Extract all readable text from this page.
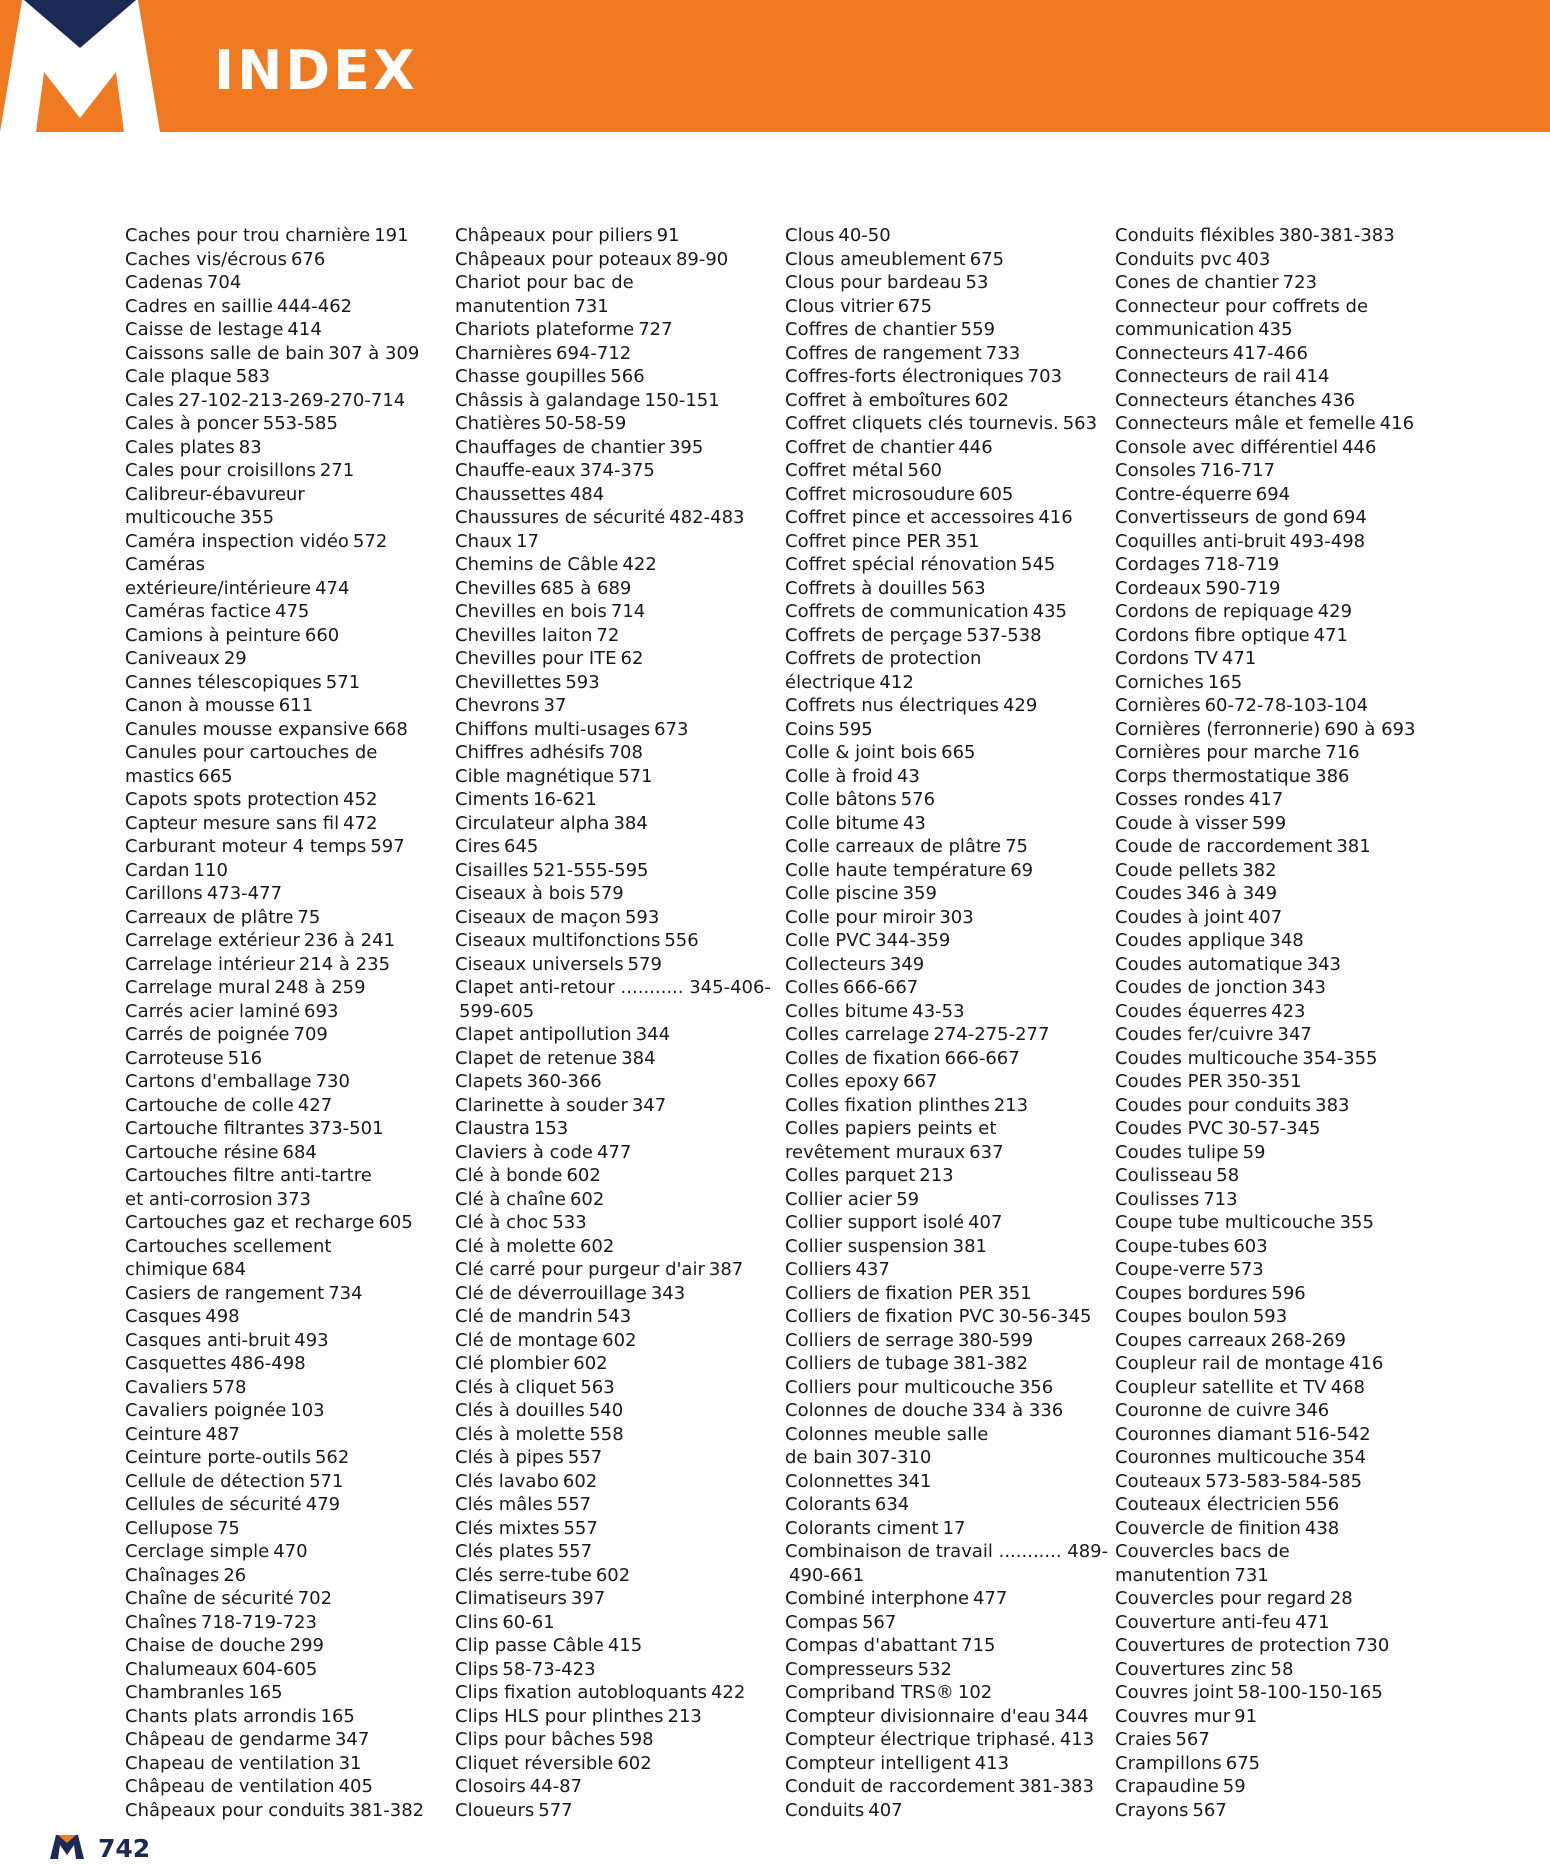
INDEX
Caches pour trou charnière 191
Caches vis/écrous 676
Cadenas 704
Cadres en saillie 444-462
Caisse de lestage 414
Caissons salle de bain 307 à 309
Cale plaque 583
Cales 27-102-213-269-270-714
Cales à poncer 553-585
Cales plates 83
Cales pour croisillons 271
Calibreur-ébavureur
multicouche 355
Caméra inspection vidéo 572
Caméras
extérieure/intérieure 474
Caméras factice 475
Camions à peinture 660
Caniveaux 29
Cannes télescopiques 571
Canon à mousse 611
Canules mousse expansive 668
Canules pour cartouches de
mastics 665
Capots spots protection 452
Capteur mesure sans fil 472
Carburant moteur 4 temps 597
Cardan 110
Carillons 473-477
Carreaux de plâtre 75
Carrelage extérieur 236 à 241
Carrelage intérieur 214 à 235
Carrelage mural 248 à 259
Carrés acier laminé 693
Carrés de poignée 709
Carroteuse 516
Cartons d'emballage 730
Cartouche de colle 427
Cartouche filtrantes 373-501
Cartouche résine 684
Cartouches filtre anti-tartre
et anti-corrosion 373
Cartouches gaz et recharge 605
Cartouches scellement
chimique 684
Casiers de rangement 734
Casques 498
Casques anti-bruit 493
Casquettes 486-498
Cavaliers 578
Cavaliers poignée 103
Ceinture 487
Ceinture porte-outils 562
Cellule de détection 571
Cellules de sécurité 479
Cellupose 75
Cerclage simple 470
Chaînages 26
Chaîne de sécurité 702
Chaînes 718-719-723
Chaise de douche 299
Chalumeaux 604-605
Chambranles 165
Chants plats arrondis 165
Châpeau de gendarme 347
Chapeau de ventilation 31
Châpeau de ventilation 405
Châpeaux pour conduits 381-382
Châpeaux pour piliers 91
Châpeaux pour poteaux 89-90
Chariot pour bac de
manutention 731
Chariots plateforme 727
Charnières 694-712
Chasse goupilles 566
Châssis à galandage 150-151
Chatières 50-58-59
Chauffages de chantier 395
Chauffe-eaux 374-375
Chaussettes 484
Chaussures de sécurité 482-483
Chaux 17
Chemins de Câble 422
Chevilles 685 à 689
Chevilles en bois 714
Chevilles laiton 72
Chevilles pour ITE 62
Chevillettes 593
Chevrons 37
Chiffons multi-usages 673
Chiffres adhésifs 708
Cible magnétique 571
Ciments 16-621
Circulateur alpha 384
Cires 645
Cisailles 521-555-595
Ciseaux à bois 579
Ciseaux de maçon 593
Ciseaux multifonctions 556
Ciseaux universels 579
Clapet anti-retour ........... 345-406-
599-605
Clapet antipollution 344
Clapet de retenue 384
Clapets 360-366
Clarinette à souder 347
Claustra 153
Claviers à code 477
Clé à bonde 602
Clé à chaîne 602
Clé à choc 533
Clé à molette 602
Clé carré pour purgeur d'air 387
Clé de déverrouillage 343
Clé de mandrin 543
Clé de montage 602
Clé plombier 602
Clés à cliquet 563
Clés à douilles 540
Clés à molette 558
Clés à pipes 557
Clés lavabo 602
Clés mâles 557
Clés mixtes 557
Clés plates 557
Clés serre-tube 602
Climatiseurs 397
Clins 60-61
Clip passe Câble 415
Clips 58-73-423
Clips fixation autobloquants 422
Clips HLS pour plinthes 213
Clips pour bâches 598
Cliquet réversible 602
Closoirs 44-87
Cloueurs 577
Clous 40-50
Clous ameublement 675
Clous pour bardeau 53
Clous vitrier 675
Coffres de chantier 559
Coffres de rangement 733
Coffres-forts électroniques 703
Coffret à emboîtures 602
Coffret cliquets clés tournevis. 563
Coffret de chantier 446
Coffret métal 560
Coffret microsoudure 605
Coffret pince et accessoires 416
Coffret pince PER 351
Coffret spécial rénovation 545
Coffrets à douilles 563
Coffrets de communication 435
Coffrets de perçage 537-538
Coffrets de protection
électrique 412
Coffrets nus électriques 429
Coins 595
Colle & joint bois 665
Colle à froid 43
Colle bâtons 576
Colle bitume 43
Colle carreaux de plâtre 75
Colle haute température 69
Colle piscine 359
Colle pour miroir 303
Colle PVC 344-359
Collecteurs 349
Colles 666-667
Colles bitume 43-53
Colles carrelage 274-275-277
Colles de fixation 666-667
Colles epoxy 667
Colles fixation plinthes 213
Colles papiers peints et
revêtement muraux 637
Colles parquet 213
Collier acier 59
Collier support isolé 407
Collier suspension 381
Colliers 437
Colliers de fixation PER 351
Colliers de fixation PVC 30-56-345
Colliers de serrage 380-599
Colliers de tubage 381-382
Colliers pour multicouche 356
Colonnes de douche 334 à 336
Colonnes meuble salle
de bain 307-310
Colonnettes 341
Colorants 634
Colorants ciment 17
Combinaison de travail ........... 489-
490-661
Combiné interphone 477
Compas 567
Compas d'abattant 715
Compresseurs 532
Compriband TRS® 102
Compteur divisionnaire d'eau 344
Compteur électrique triphasé. 413
Compteur intelligent 413
Conduit de raccordement 381-383
Conduits 407
Conduits fléxibles 380-381-383
Conduits pvc 403
Cones de chantier 723
Connecteur pour coffrets de
communication 435
Connecteurs 417-466
Connecteurs de rail 414
Connecteurs étanches 436
Connecteurs mâle et femelle 416
Console avec différentiel 446
Consoles 716-717
Contre-équerre 694
Convertisseurs de gond 694
Coquilles anti-bruit 493-498
Cordages 718-719
Cordeaux 590-719
Cordons de repiquage 429
Cordons fibre optique 471
Cordons TV 471
Corniches 165
Cornières 60-72-78-103-104
Cornières (ferronnerie) 690 à 693
Cornières pour marche 716
Corps thermostatique 386
Cosses rondes 417
Coude à visser 599
Coude de raccordement 381
Coude pellets 382
Coudes 346 à 349
Coudes à joint 407
Coudes applique 348
Coudes automatique 343
Coudes de jonction 343
Coudes équerres 423
Coudes fer/cuivre 347
Coudes multicouche 354-355
Coudes PER 350-351
Coudes pour conduits 383
Coudes PVC 30-57-345
Coudes tulipe 59
Coulisseau 58
Coulisses 713
Coupe tube multicouche 355
Coupe-tubes 603
Coupe-verre 573
Coupes bordures 596
Coupes boulon 593
Coupes carreaux 268-269
Coupleur rail de montage 416
Coupleur satellite et TV 468
Couronne de cuivre 346
Couronnes diamant 516-542
Couronnes multicouche 354
Couteaux 573-583-584-585
Couteaux électricien 556
Couvercle de finition 438
Couvercles bacs de
manutention 731
Couvercles pour regard 28
Couverture anti-feu 471
Couvertures de protection 730
Couvertures zinc 58
Couvres joint 58-100-150-165
Couvres mur 91
Craies 567
Crampillons 675
Crapaudine 59
Crayons 567
742
